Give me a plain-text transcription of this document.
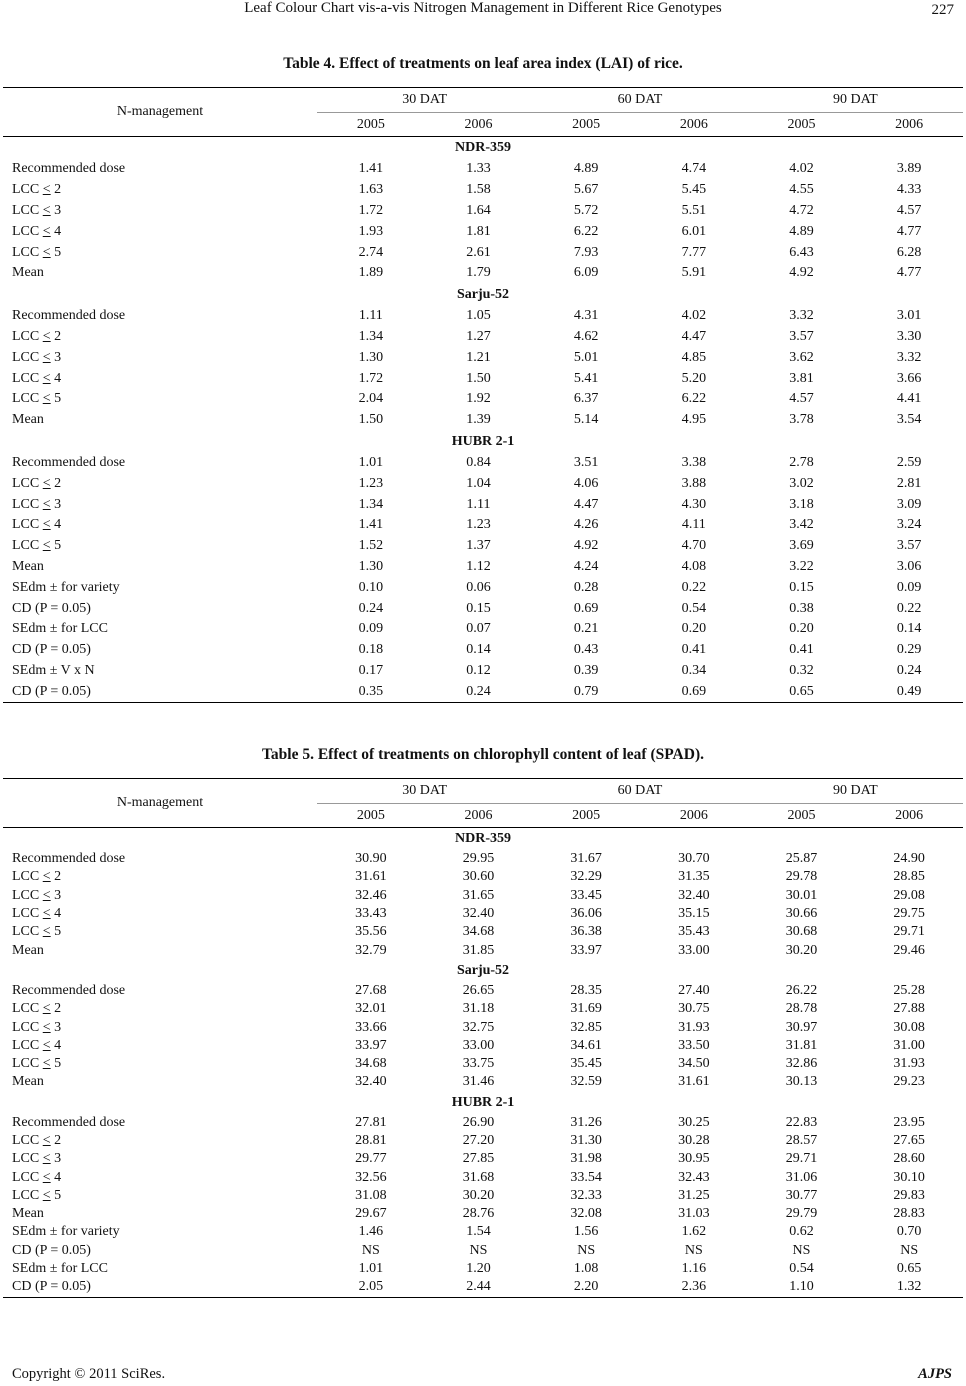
Leaf Colour Chart vis-a-vis Nitrogen Management in Different Rice Genotypes	227
Table 4. Effect of treatments on leaf area index (LAI) of rice.
N-management	30 DAT		60 DAT		90 DAT	
	2005	2006	2005	2006	2005	2006
NDR-359						
Recommended dose	1.41	1.33	4.89	4.74	4.02	3.89
LCC ≤ 2	1.63	1.58	5.67	5.45	4.55	4.33
LCC ≤ 3	1.72	1.64	5.72	5.51	4.72	4.57
LCC ≤ 4	1.93	1.81	6.22	6.01	4.89	4.77
LCC ≤ 5	2.74	2.61	7.93	7.77	6.43	6.28
Mean	1.89	1.79	6.09	5.91	4.92	4.77
Sarju-52						
Recommended dose	1.11	1.05	4.31	4.02	3.32	3.01
LCC ≤ 2	1.34	1.27	4.62	4.47	3.57	3.30
LCC ≤ 3	1.30	1.21	5.01	4.85	3.62	3.32
LCC ≤ 4	1.72	1.50	5.41	5.20	3.81	3.66
LCC ≤ 5	2.04	1.92	6.37	6.22	4.57	4.41
Mean	1.50	1.39	5.14	4.95	3.78	3.54
HUBR 2-1						
Recommended dose	1.01	0.84	3.51	3.38	2.78	2.59
LCC ≤ 2	1.23	1.04	4.06	3.88	3.02	2.81
LCC ≤ 3	1.34	1.11	4.47	4.30	3.18	3.09
LCC ≤ 4	1.41	1.23	4.26	4.11	3.42	3.24
LCC ≤ 5	1.52	1.37	4.92	4.70	3.69	3.57
Mean	1.30	1.12	4.24	4.08	3.22	3.06
SEdm ± for variety	0.10	0.06	0.28	0.22	0.15	0.09
CD (P = 0.05)	0.24	0.15	0.69	0.54	0.38	0.22
SEdm ± for LCC	0.09	0.07	0.21	0.20	0.20	0.14
CD (P = 0.05)	0.18	0.14	0.43	0.41	0.41	0.29
SEdm ± V x N	0.17	0.12	0.39	0.34	0.32	0.24
CD (P = 0.05)	0.35	0.24	0.79	0.69	0.65	0.49
Table 5. Effect of treatments on chlorophyll content of leaf (SPAD).
N-management	30 DAT		60 DAT		90 DAT	
	2005	2006	2005	2006	2005	2006
NDR-359						
Recommended dose	30.90	29.95	31.67	30.70	25.87	24.90
LCC ≤ 2	31.61	30.60	32.29	31.35	29.78	28.85
LCC ≤ 3	32.46	31.65	33.45	32.40	30.01	29.08
LCC ≤ 4	33.43	32.40	36.06	35.15	30.66	29.75
LCC ≤ 5	35.56	34.68	36.38	35.43	30.68	29.71
Mean	32.79	31.85	33.97	33.00	30.20	29.46
Sarju-52						
Recommended dose	27.68	26.65	28.35	27.40	26.22	25.28
LCC ≤ 2	32.01	31.18	31.69	30.75	28.78	27.88
LCC ≤ 3	33.66	32.75	32.85	31.93	30.97	30.08
LCC ≤ 4	33.97	33.00	34.61	33.50	31.81	31.00
LCC ≤ 5	34.68	33.75	35.45	34.50	32.86	31.93
Mean	32.40	31.46	32.59	31.61	30.13	29.23
HUBR 2-1						
Recommended dose	27.81	26.90	31.26	30.25	22.83	23.95
LCC ≤ 2	28.81	27.20	31.30	30.28	28.57	27.65
LCC ≤ 3	29.77	27.85	31.98	30.95	29.71	28.60
LCC ≤ 4	32.56	31.68	33.54	32.43	31.06	30.10
LCC ≤ 5	31.08	30.20	32.33	31.25	30.77	29.83
Mean	29.67	28.76	32.08	31.03	29.79	28.83
SEdm ± for variety	1.46	1.54	1.56	1.62	0.62	0.70
CD (P = 0.05)	NS	NS	NS	NS	NS	NS
SEdm ± for LCC	1.01	1.20	1.08	1.16	0.54	0.65
CD (P = 0.05)	2.05	2.44	2.20	2.36	1.10	1.32
Copyright © 2011 SciRes.	AJPS
